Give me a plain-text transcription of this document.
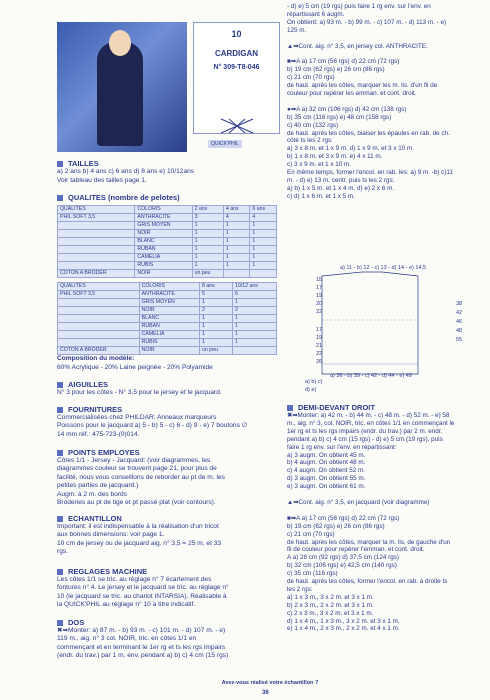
10
CARDIGAN
N° 309-T8-046
QUICK'PHIL
TAILLES
a) 2 ans b) 4 ans c) 6 ans d) 8 ans e) 10/12ans
Voir tableau des tailles page 1.
QUALITES (nombre de pelotes)
QUALITES	COLORIS	2 ans	4 ans	6 ans
PHIL SOFT 3,5	ANTHRACITE	3	4	4
	GRIS MOYEN	1	1	1
	NOIR	1	1	1
	BLANC	1	1	1
	RUBAN	1	1	1
	CAMELIA	1	1	1
	RUBIS	1	1	1
COTON A BRODER	NOIR	un peu		
QUALITES	COLORIS	8 ans	10/12 ans
PHIL SOFT 3,5	ANTHRACITE	5	6
	GRIS MOYEN	1	1
	NOIR	2	2
	BLANC	1	1
	RUBAN	1	1
	CAMELIA	1	1
	RUBIS	1	1
COTON A BRODER	NOIR	un peu	
Composition du modèle:
60% Acrylique - 20% Laine peignée - 20% Polyamide
AIGUILLES
N° 3 pour les côtes - N° 3,5 pour le jersey et le jacquard.
FOURNITURES
Commercialisées chez PHILDAR: Anneaux marqueurs
Poissons pour le jacquard a) 5 - b) 5 - c) 6 - d) 9 - e) 7 boutons ∅
14 mm réf.: 475-723-(0)014.
POINTS EMPLOYES
Côtes 1/1 - Jersey - Jacquard: (voir diagrammes, les
diagrammes couleur se trouvent page 21, pour plus de
facilité, nous vous conseillons de reborder au pt de m. les
petites parties de jacquard.)
Augm. à 2 m. des bords
Broderies au pt de tige et pt passé plat (voir contours).
ECHANTILLON
Important: il est indispensable à la réalisation d'un tricot
aux bonnes dimensions: voir page 1.
10 cm de jersey ou de jacquard aig. n° 3,5 = 25 m. et 33
rgs.
REGLAGES MACHINE
Les côtes 1/1 se tric. au réglage n° 7 écartement des
fontures n° 4. Le jersey et le jacquard se tric. au réglage n°
10 (le jacquard se tric. au chariot INTARSIA). Réalisable à
la QUICK'PHIL au réglage n° 10 à titre indicatif.
DOS
✖➡Monter: a) 87 m. - b) 93 m. - c) 101 m. - d) 107 m. - e)
119 m., aig. n° 3 col. NOIR, tric. en côtes 1/1 en
commençant et en terminant le 1er rg et ts les rgs impairs
(endr. du trav.) par 1 m. env. pendant a) b) c) 4 cm (15 rgs)
- d) e) 5 cm (19 rgs) puis faire 1 rg env. sur l'env. en
répartissant 6 augm.
On obtient: a) 93 m. - b) 99 m. - c) 107 m. - d) 113 m. - e)
125 m.

▲➡Cont. aig. n° 3,5, en jersey col. ANTHRACITE.

■➡A a) 17 cm (56 rgs) d) 22 cm (72 rgs)
b) 19 cm (62 rgs) e) 26 cm (86 rgs)
c) 21 cm (70 rgs)
de haut. après les côtes, marquer les m. lis. d'un fil de
couleur pour repérer les emman. et cont. droit.

●➡A a) 32 cm (106 rgs) d) 42 cm (138 rgs)
b) 35 cm (116 rgs) e) 48 cm (158 rgs)
c) 40 cm (132 rgs)
de haut. après les côtes, biaiser les épaules en rab. de ch.
côté ts les 2 rgs:
a) 3 x 8 m. et 1 x 9 m. d) 1 x 9 m. et 3 x 10 m.
b) 1 x 8 m. et 3 x 9 m. e) 4 x 11 m.
c) 3 x 9 m. et 1 x 10 m.
En même temps, former l'encol. en rab. les: a) 9 m. -b) c)11
m. - d) e) 13 m. centr. puis ts les 2 rgs:
a) b) 1 x 5 m. et 1 x 4 m. d) e) 2 x 6 m.
c) d) 1 x 6 m. et 1 x 5 m.
a) 11 - b) 12 - c) 13 - d) 14 - e) 14,5
a) 36 - b) 39 - c) 42 - d) 44 - e) 49
15
17
19
20
22
17
19
21
22
26
38
42
46
48
55
a) b) c)
d) e)
DEMI-DEVANT DROIT
✖➡Monter: a) 42 m. - b) 44 m. - c) 48 m. - d) 52 m. - e) 58
m., aig. n° 3, col. NOIR, tric. en côtes 1/1 en commençant le
1er rg et ts les rgs impairs (endr. du trav.) par 2 m. endr.
pendant a) b) c) 4 cm (15 rgs) - d) e) 5 cm (19 rgs), puis
faire 1 rg env. sur l'env. en répartissant:
a) 3 augm. On obtient 45 m.
b) 4 augm. On obtient 48 m.
c) 4 augm. On obtient 52 m.
d) 3 augm. On obtient 55 m.
e) 3 augm. On obtient 61 m.

▲➡Cont. aig. n° 3,5, en jacquard (voir diagramme)

■➡A a) 17 cm (56 rgs) d) 22 cm (72 rgs)
b) 19 cm (62 rgs) e) 26 cm (86 rgs)
c) 21 cm (70 rgs)
de haut. après les côtes, marquer la m. lis. de gauche d'un
fil de couleur pour repérer l'emman. et cont. droit.
A a) 28 cm (92 rgs) d) 37,5 cm (124 rgs)
b) 32 cm (106 rgs) e) 42,5 cm (140 rgs)
c) 35 cm (116 rgs)
de haut. après les côtes, former l'encol. en rab. à droite ts
les 2 rgs:
a) 1 x 3 m., 3 x 2 m. et 3 x 1 m.
b) 2 x 3 m., 2 x 2 m. et 3 x 1 m.
c) 2 x 3 m., 3 x 2 m. et 3 x 1 m.
d) 1 x 4 m., 1 x 3 m., 3 x 2 m. et 3 x 1 m.
e) 1 x 4 m., 2 x 3 m., 2 x 2 m. et 4 x 1 m.
Avez-vous réalisé votre échantillon ?
36
